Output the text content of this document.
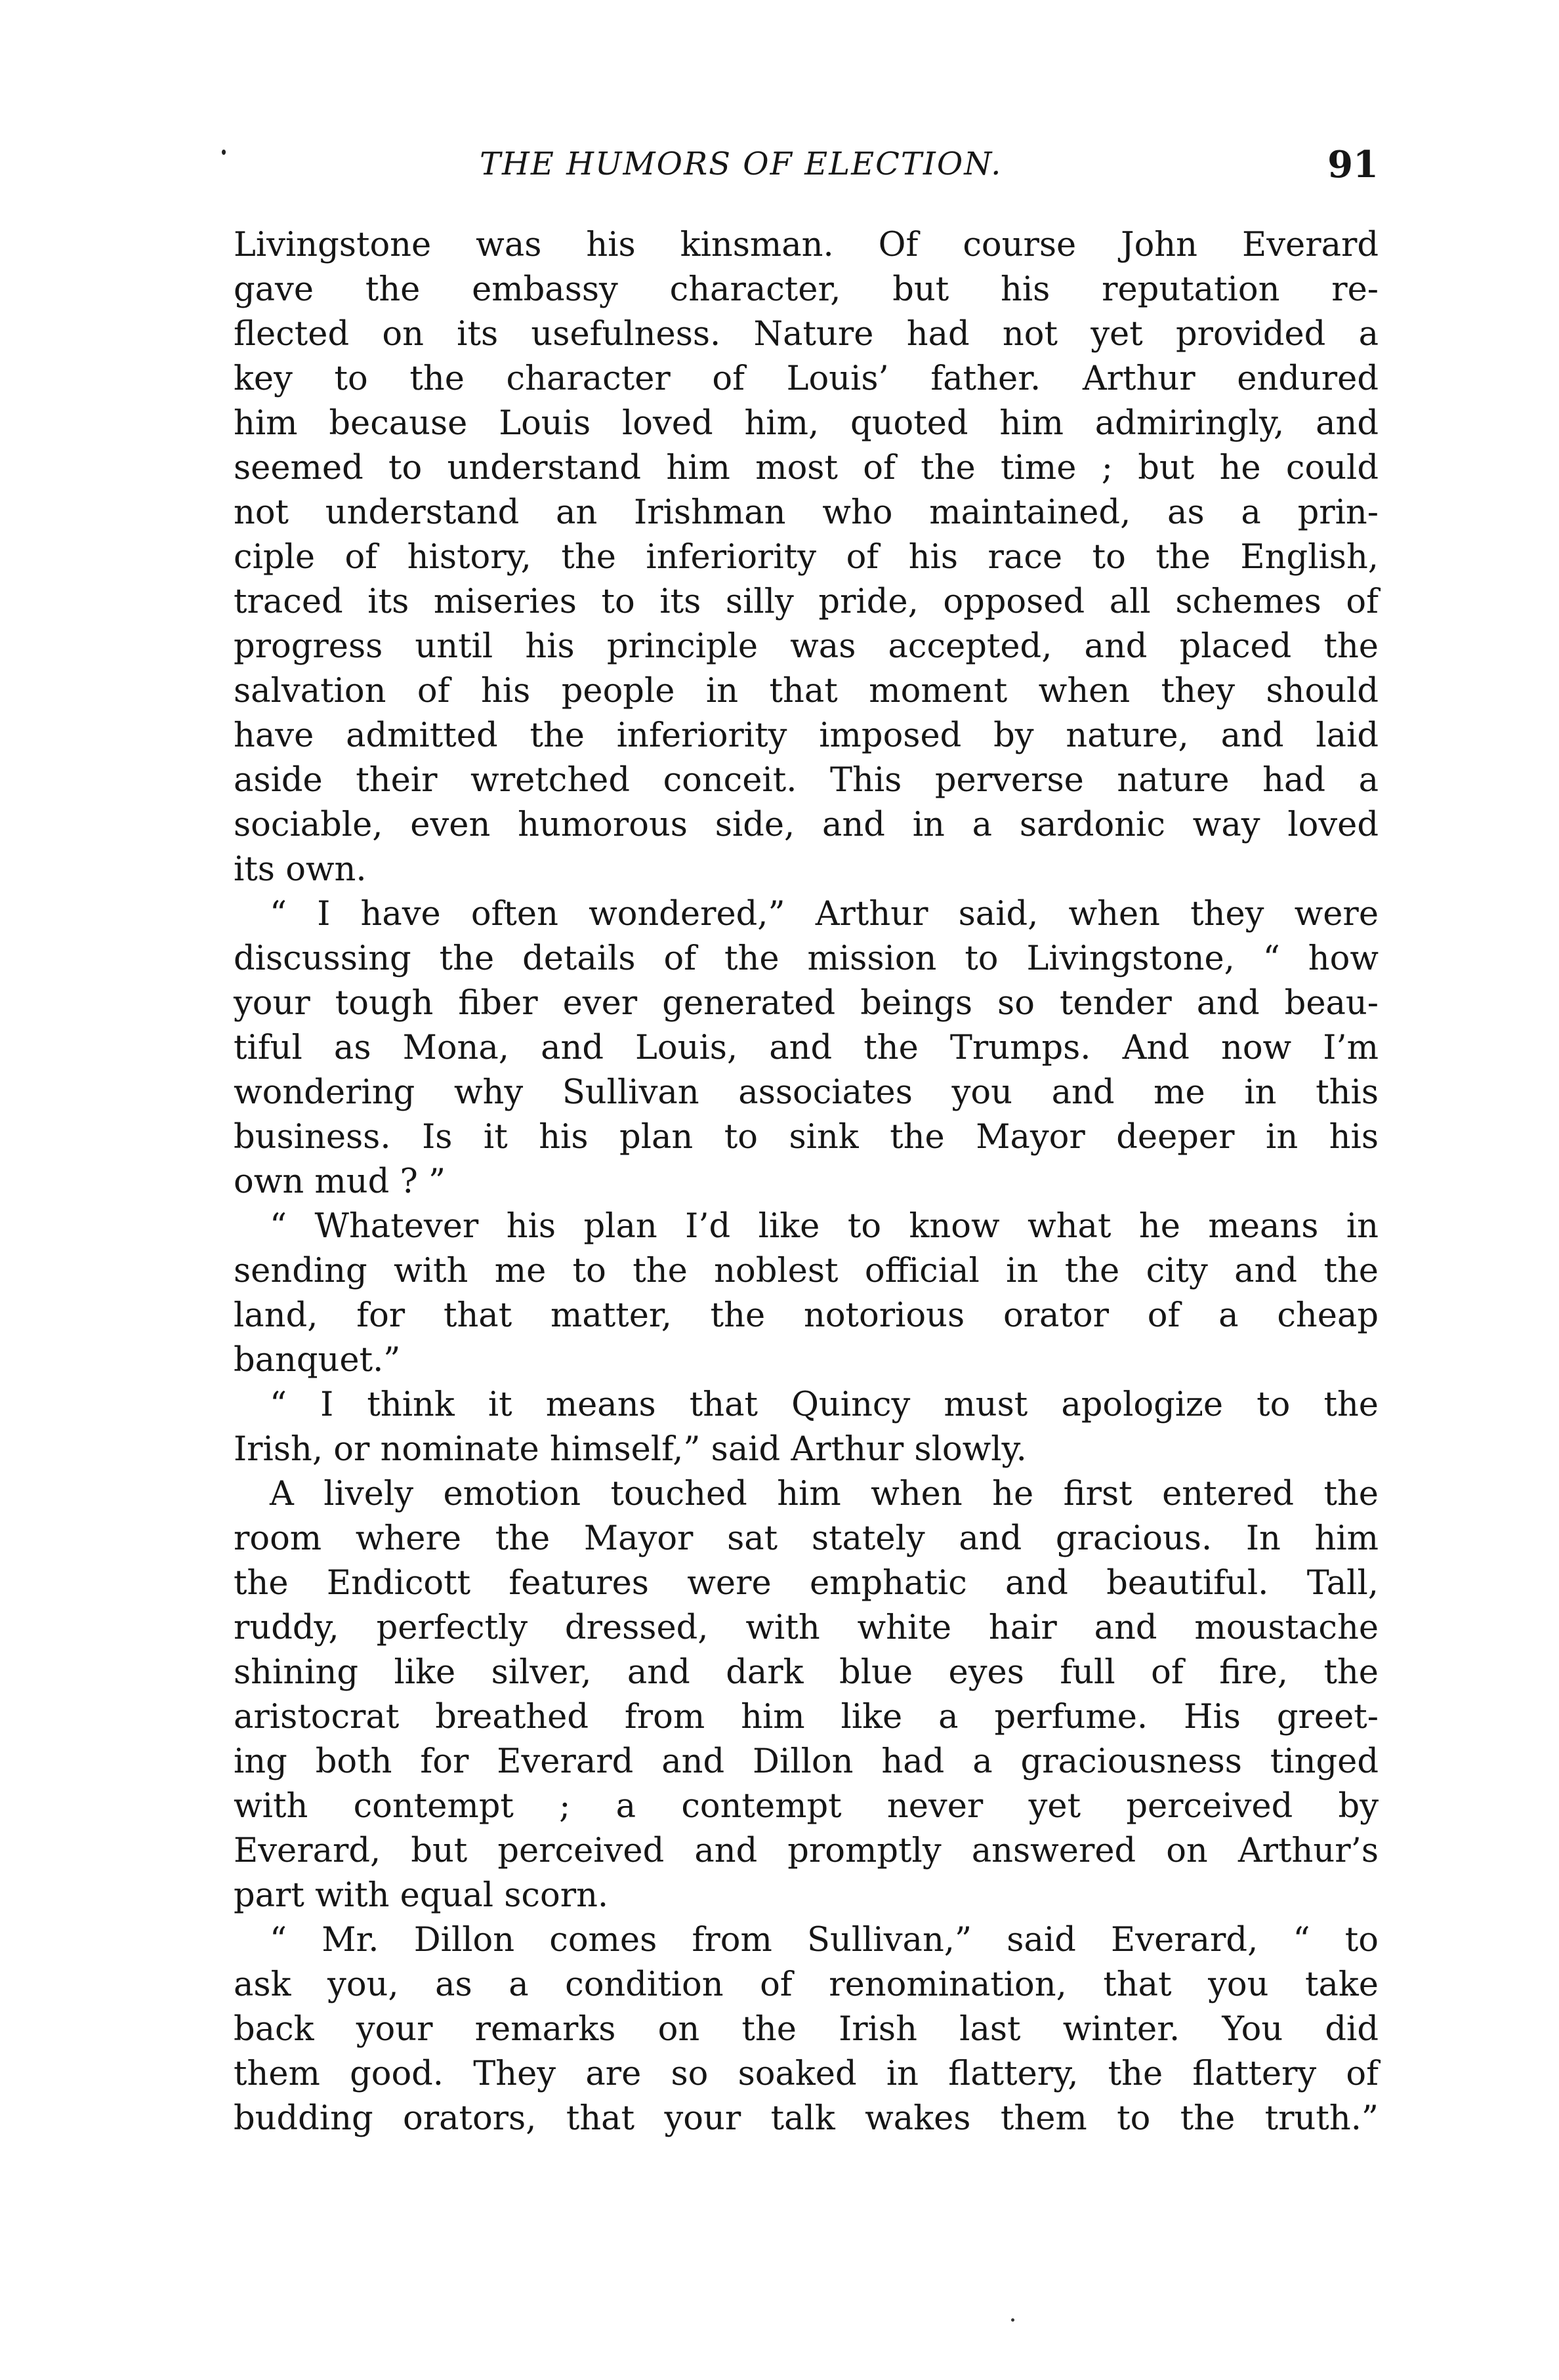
THE HUMORS OF ELECTION.	91
Livingstone was his kinsman. Of course John Everard
gave the embassy character, but his reputation re-
flected on its usefulness. Nature had not yet provided a
key to the character of Louis’ father. Arthur endured
him because Louis loved him, quoted him admiringly, and
seemed to understand him most of the time ; but he could
not understand an Irishman who maintained, as a prin-
ciple of history, the inferiority of his race to the English,
traced its miseries to its silly pride, opposed all schemes of
progress until his principle was accepted, and placed the
salvation of his people in that moment when they should
have admitted the inferiority imposed by nature, and laid
aside their wretched conceit. This perverse nature had a
sociable, even humorous side, and in a sardonic way loved
its own.
“ I have often wondered,” Arthur said, when they were
discussing the details of the mission to Livingstone, “ how
your tough fiber ever generated beings so tender and beau-
tiful as Mona, and Louis, and the Trumps. And now I’m
wondering why Sullivan associates you and me in this
business. Is it his plan to sink the Mayor deeper in his
own mud ? ”
“ Whatever his plan I’d like to know what he means in
sending with me to the noblest official in the city and the
land, for that matter, the notorious orator of a cheap
banquet.”
“ I think it means that Quincy must apologize to the
Irish, or nominate himself,” said Arthur slowly.
A lively emotion touched him when he first entered the
room where the Mayor sat stately and gracious. In him
the Endicott features were emphatic and beautiful. Tall,
ruddy, perfectly dressed, with white hair and moustache
shining like silver, and dark blue eyes full of fire, the
aristocrat breathed from him like a perfume. His greet-
ing both for Everard and Dillon had a graciousness tinged
with contempt ; a contempt never yet perceived by
Everard, but perceived and promptly answered on Arthur’s
part with equal scorn.
“ Mr. Dillon comes from Sullivan,” said Everard, “ to
ask you, as a condition of renomination, that you take
back your remarks on the Irish last winter. You did
them good. They are so soaked in flattery, the flattery of
budding orators, that your talk wakes them to the truth.”
